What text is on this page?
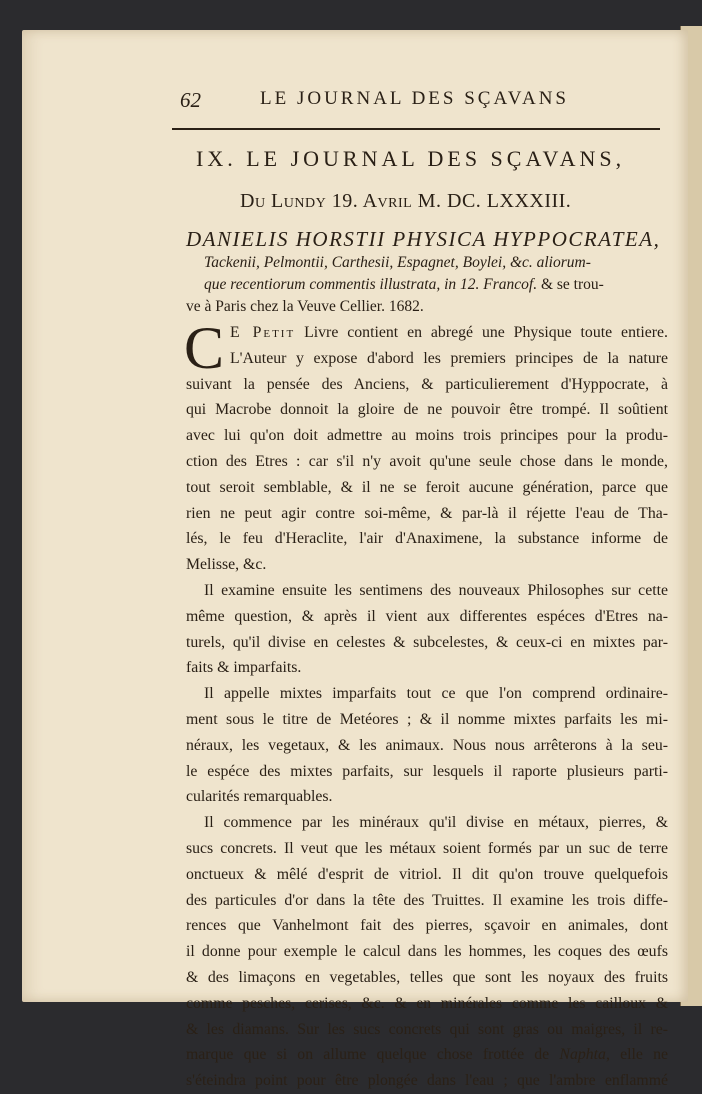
62	LE JOURNAL DES SÇAVANS
IX. LE JOURNAL DES SÇAVANS,
Du Lundy 19. Avril M. DC. LXXXIII.
DANIELIS HORSTII PHYSICA HYPPOCRATEA,
Tackenii, Pelmontii, Carthesii, Espagnet, Boylei, &c. aliorum-
que recentiorum commentis illustrata, in 12. Francof. & se trou-
ve à Paris chez la Veuve Cellier. 1682.

C E Petit Livre contient en abregé une Physique toute entiere.
L'Auteur y expose d'abord les premiers principes de la nature
suivant la pensée des Anciens, & particulierement d'Hyppocrate, à
qui Macrobe donnoit la gloire de ne pouvoir être trompé. Il soûtient
avec lui qu'on doit admettre au moins trois principes pour la produ-
ction des Etres : car s'il n'y avoit qu'une seule chose dans le monde,
tout seroit semblable, & il ne se feroit aucune génération, parce que
rien ne peut agir contre soi-même, & par-là il réjette l'eau de Tha-
lés, le feu d'Heraclite, l'air d'Anaximene, la substance informe de
Melisse, &c.

Il examine ensuite les sentimens des nouveaux Philosophes sur cette
même question, & après il vient aux differentes espéces d'Etres na-
turels, qu'il divise en celestes & subcelestes, & ceux-ci en mixtes par-
faits & imparfaits.

Il appelle mixtes imparfaits tout ce que l'on comprend ordinaire-
ment sous le titre de Metéores ; & il nomme mixtes parfaits les mi-
néraux, les vegetaux, & les animaux. Nous nous arrêterons à la seu-
le espéce des mixtes parfaits, sur lesquels il raporte plusieurs parti-
cularités remarquables.

Il commence par les minéraux qu'il divise en métaux, pierres, &
sucs concrets. Il veut que les métaux soient formés par un suc de terre
onctueux & mêlé d'esprit de vitriol. Il dit qu'on trouve quelquefois
des particules d'or dans la tête des Truittes. Il examine les trois diffe-
rences que Vanhelmont fait des pierres, sçavoir en animales, dont
il donne pour exemple le calcul dans les hommes, les coques des œufs
& des limaçons en vegetables, telles que sont les noyaux des fruits
comme pesches, cerises, &c. & en minérales comme les cailloux &
& les diamans. Sur les sucs concrets qui sont gras ou maigres, il re-
marque que si on allume quelque chose frottée de Naphta, elle ne
s'éteindra point pour être plongée dans l'eau ; que l'ambre enflammé
